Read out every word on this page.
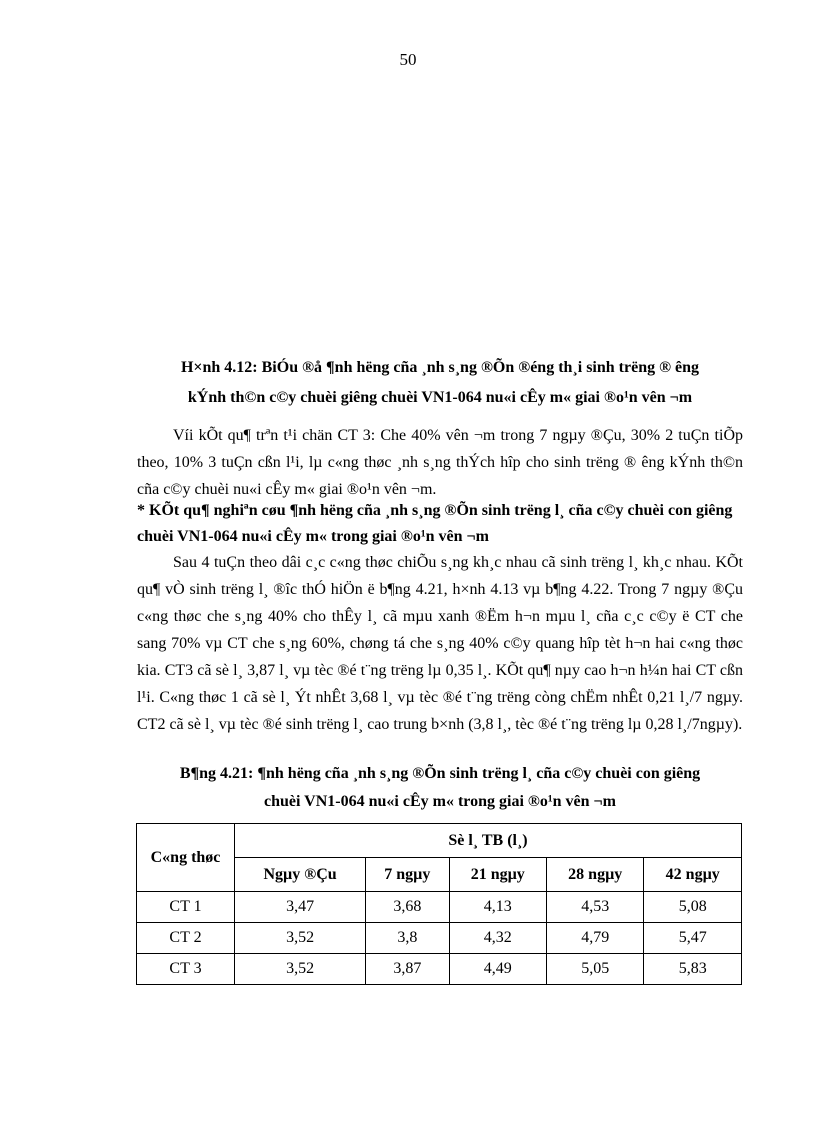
50
H×nh 4.12: BiÓu ®å ¶nh hëng cña ¸nh s¸ng ®Õn ®éng th¸i sinh trëng ® êng
kÝnh th©n c©y chuèi giêng chuèi VN1-064 nu«i cÊy m« giai ®o¹n vên ¬m
Víi kÕt qu¶ trªn t¹i chän CT 3: Che 40% vên ¬m trong 7 ngµy ®Çu, 30% 2 tuÇn tiÕp theo, 10% 3 tuÇn cßn l¹i, lµ c«ng thøc ¸nh s¸ng thÝch hîp cho sinh trëng ® êng kÝnh th©n cña c©y chuèi nu«i cÊy m« giai ®o¹n vên ¬m.
* KÕt qu¶ nghiªn cøu ¶nh hëng cña ¸nh s¸ng ®Õn sinh trëng l¸ cña c©y chuèi con giêng chuèi VN1-064 nu«i cÊy m« trong giai ®o¹n vên ¬m
Sau 4 tuÇn theo dâi c¸c c«ng thøc chiÕu s¸ng kh¸c nhau cã sinh trëng l¸ kh¸c nhau. KÕt qu¶ vÒ sinh trëng l¸ ®îc thÓ hiÖn ë b¶ng 4.21, h×nh 4.13 vµ b¶ng 4.22. Trong 7 ngµy ®Çu c«ng thøc che s¸ng 40% cho thÊy l¸ cã mµu xanh ®Ëm h¬n mµu l¸ cña c¸c c©y ë CT che sang 70% vµ CT che s¸ng 60%, chøng tá che s¸ng 40% c©y quang hîp tèt h¬n hai c«ng thøc kia. CT3 cã sè l¸ 3,87 l¸ vµ tèc ®é t¨ng trëng lµ 0,35 l¸. KÕt qu¶ nµy cao h¬n h¼n hai CT cßn l¹i. C«ng thøc 1 cã sè l¸ Ýt nhÊt 3,68 l¸ vµ tèc ®é t¨ng trëng còng chËm nhÊt 0,21 l¸/7 ngµy. CT2 cã sè l¸ vµ tèc ®é sinh trëng l¸ cao trung b×nh (3,8 l¸, tèc ®é t¨ng trëng lµ 0,28 l¸/7ngµy).
B¶ng 4.21: ¶nh hëng cña ¸nh s¸ng ®Õn sinh trëng l¸ cña c©y chuèi con giêng
chuèi VN1-064 nu«i cÊy m« trong giai ®o¹n vên ¬m
C«ng thøc	Sè l¸ TB (l¸)				
	Ngµy ®Çu	7 ngµy	21 ngµy	28 ngµy	42 ngµy
CT 1	3,47	3,68	4,13	4,53	5,08
CT 2	3,52	3,8	4,32	4,79	5,47
CT 3	3,52	3,87	4,49	5,05	5,83
